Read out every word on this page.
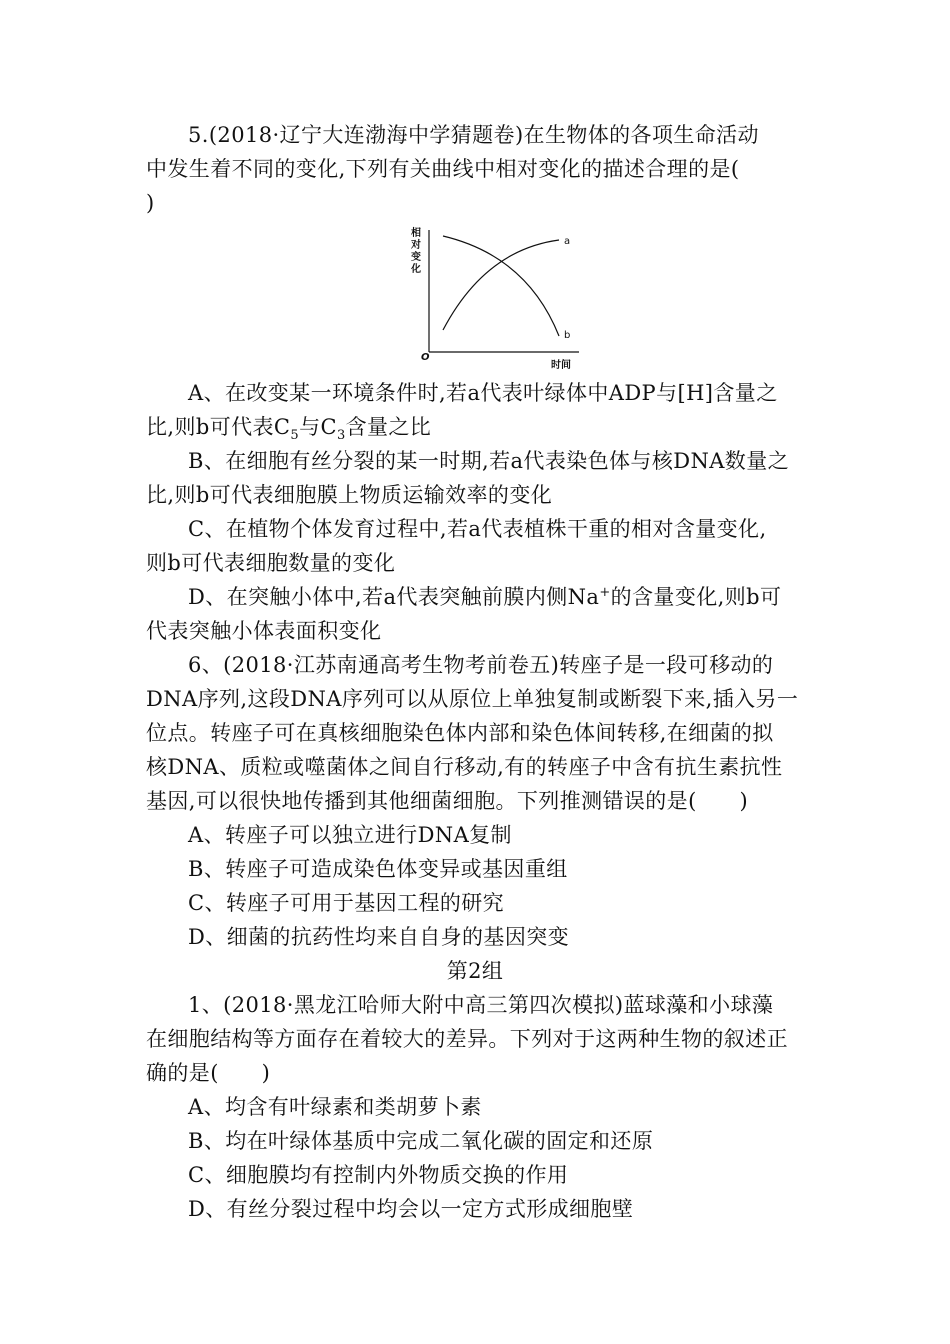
5.(2018·辽宁大连渤海中学猜题卷)在生物体的各项生命活动
中发生着不同的变化,下列有关曲线中相对变化的描述合理的是(
)
相
对
变
化
O
时间
a
b
A、在改变某一环境条件时,若a代表叶绿体中ADP与[H]含量之
比,则b可代表$C_5$与$C_3$含量之比
B、在细胞有丝分裂的某一时期,若a代表染色体与核DNA数量之
比,则b可代表细胞膜上物质运输效率的变化
C、在植物个体发育过程中,若a代表植株干重的相对含量变化,
则b可代表细胞数量的变化
D、在突触小体中,若a代表突触前膜内侧Na+的含量变化,则b可
代表突触小体表面积变化
6、(2018·江苏南通高考生物考前卷五)转座子是一段可移动的
DNA序列,这段DNA序列可以从原位上单独复制或断裂下来,插入另一
位点。转座子可在真核细胞染色体内部和染色体间转移,在细菌的拟
核DNA、质粒或噬菌体之间自行移动,有的转座子中含有抗生素抗性
基因,可以很快地传播到其他细菌细胞。下列推测错误的是(　　)
A、转座子可以独立进行DNA复制
B、转座子可造成染色体变异或基因重组
C、转座子可用于基因工程的研究
D、细菌的抗药性均来自自身的基因突变
第2组
1、(2018·黑龙江哈师大附中高三第四次模拟)蓝球藻和小球藻
在细胞结构等方面存在着较大的差异。下列对于这两种生物的叙述正
确的是(　　)
A、均含有叶绿素和类胡萝卜素
B、均在叶绿体基质中完成二氧化碳的固定和还原
C、细胞膜均有控制内外物质交换的作用
D、有丝分裂过程中均会以一定方式形成细胞壁
